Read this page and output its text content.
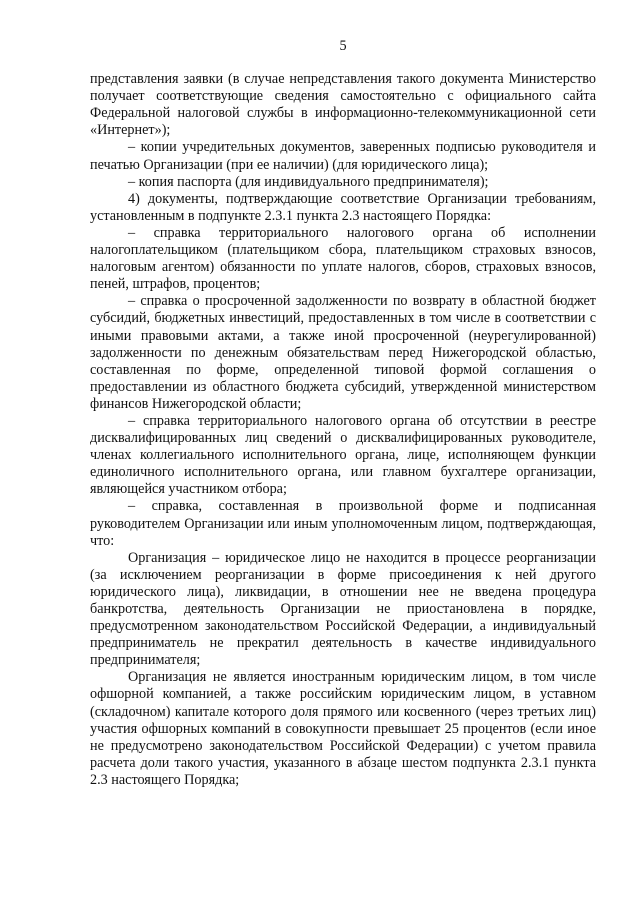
5

представления заявки (в случае непредставления такого документа Министерство получает соответствующие сведения самостоятельно с официального сайта Федеральной налоговой службы в информационно-телекоммуникационной сети «Интернет»);

– копии учредительных документов, заверенных подписью руководителя и печатью Организации (при ее наличии) (для юридического лица);

– копия паспорта (для индивидуального предпринимателя);

4) документы, подтверждающие соответствие Организации требованиям, установленным в подпункте 2.3.1 пункта 2.3 настоящего Порядка:

– справка территориального налогового органа об исполнении налогоплательщиком (плательщиком сбора, плательщиком страховых взносов, налоговым агентом) обязанности по уплате налогов, сборов, страховых взносов, пеней, штрафов, процентов;

– справка о просроченной задолженности по возврату в областной бюджет субсидий, бюджетных инвестиций, предоставленных в том числе в соответствии с иными правовыми актами, а также иной просроченной (неурегулированной) задолженности по денежным обязательствам перед Нижегородской областью, составленная по форме, определенной типовой формой соглашения о предоставлении из областного бюджета субсидий, утвержденной министерством финансов Нижегородской области;

– справка территориального налогового органа об отсутствии в реестре дисквалифицированных лиц сведений о дисквалифицированных руководителе, членах коллегиального исполнительного органа, лице, исполняющем функции единоличного исполнительного органа, или главном бухгалтере организации, являющейся участником отбора;

– справка, составленная в произвольной форме и подписанная руководителем Организации или иным уполномоченным лицом, подтверждающая, что:

Организация – юридическое лицо не находится в процессе реорганизации (за исключением реорганизации в форме присоединения к ней другого юридического лица), ликвидации, в отношении нее не введена процедура банкротства, деятельность Организации не приостановлена в порядке, предусмотренном законодательством Российской Федерации, а индивидуальный предприниматель не прекратил деятельность в качестве индивидуального предпринимателя;

Организация не является иностранным юридическим лицом, в том числе офшорной компанией, а также российским юридическим лицом, в уставном (складочном) капитале которого доля прямого или косвенного (через третьих лиц) участия офшорных компаний в совокупности превышает 25 процентов (если иное не предусмотрено законодательством Российской Федерации) с учетом правила расчета доли такого участия, указанного в абзаце шестом подпункта 2.3.1 пункта 2.3 настоящего Порядка;
